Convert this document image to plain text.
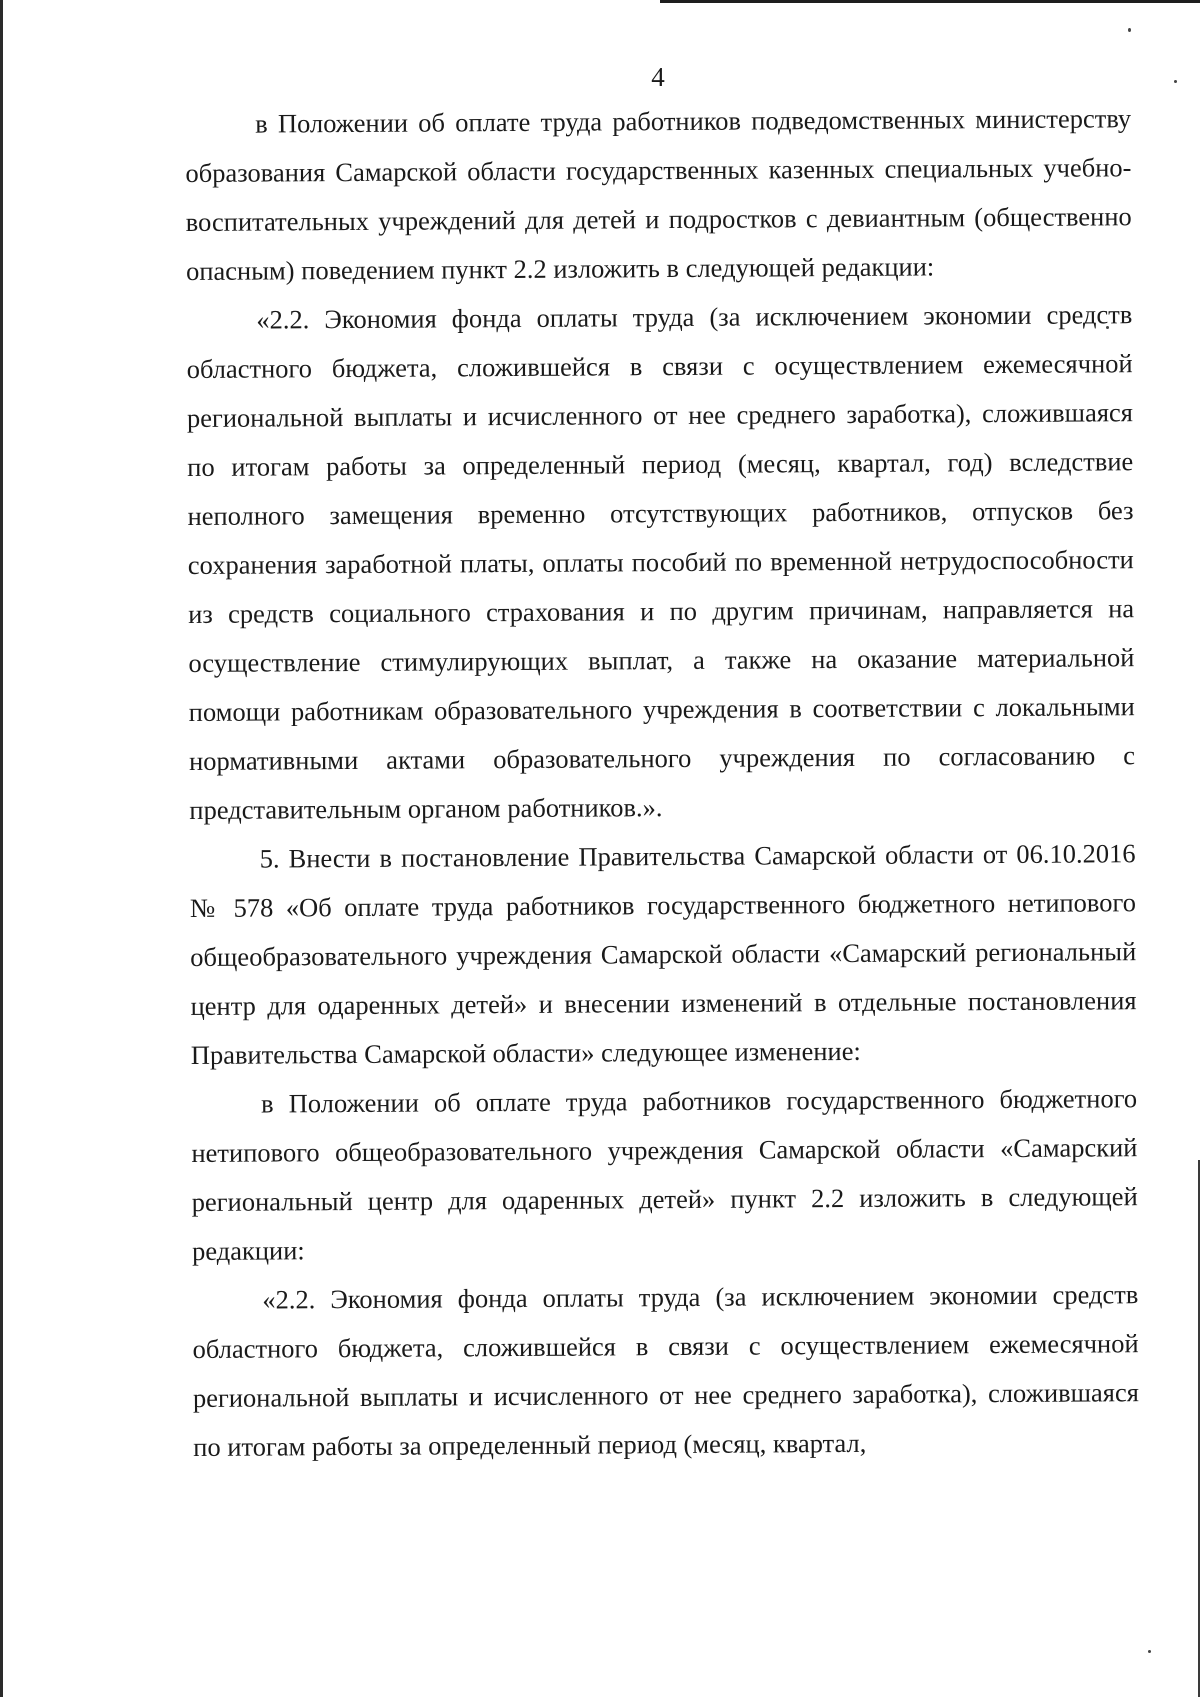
4

в Положении об оплате труда работников подведомственных министерству образования Самарской области государственных казенных специальных учебно-воспитательных учреждений для детей и подростков с девиантным (общественно опасным) поведением пункт 2.2 изложить в следующей редакции:

«2.2. Экономия фонда оплаты труда (за исключением экономии средств областного бюджета, сложившейся в связи с осуществлением ежемесячной региональной выплаты и исчисленного от нее среднего заработка), сложившаяся по итогам работы за определенный период (месяц, квартал, год) вследствие неполного замещения временно отсутствующих работников, отпусков без сохранения заработной платы, оплаты пособий по временной нетрудоспособности из средств социального страхования и по другим причинам, направляется на осуществление стимулирующих выплат, а также на оказание материальной помощи работникам образовательного учреждения в соответствии с локальными нормативными актами образовательного учреждения по согласованию с представительным органом работников.».

5. Внести в постановление Правительства Самарской области от 06.10.2016 № 578 «Об оплате труда работников государственного бюджетного нетипового общеобразовательного учреждения Самарской области «Самарский региональный центр для одаренных детей» и внесении изменений в отдельные постановления Правительства Самарской области» следующее изменение:

в Положении об оплате труда работников государственного бюджетного нетипового общеобразовательного учреждения Самарской области «Самарский региональный центр для одаренных детей» пункт 2.2 изложить в следующей редакции:

«2.2. Экономия фонда оплаты труда (за исключением экономии средств областного бюджета, сложившейся в связи с осуществлением ежемесячной региональной выплаты и исчисленного от нее среднего заработка), сложившаяся по итогам работы за определенный период (месяц, квартал,
